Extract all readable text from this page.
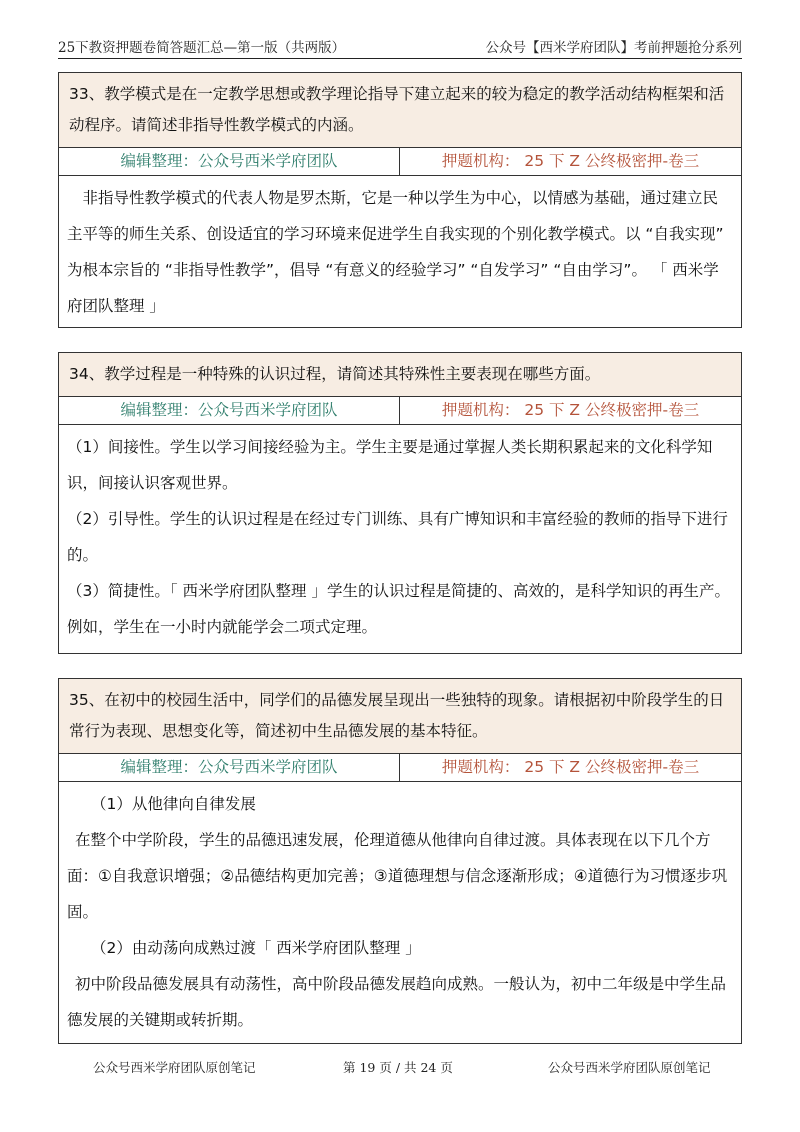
25下教资押题卷简答题汇总—第一版（共两版）	公众号【西米学府团队】考前押题抢分系列
33、教学模式是在一定教学思想或教学理论指导下建立起来的较为稳定的教学活动结构框架和活动程序。请简述非指导性教学模式的内涵。
编辑整理：公众号西米学府团队	押题机构： 25 下 Z 公终极密押-卷三

　非指导性教学模式的代表人物是罗杰斯，它是一种以学生为中心，以情感为基础，通过建立民主平等的师生关系、创设适宜的学习环境来促进学生自我实现的个别化教学模式。以 “自我实现” 为根本宗旨的 “非指导性教学”，倡导 “有意义的经验学习” “自发学习” “自由学习”。 「 西米学府团队整理 」

34、教学过程是一种特殊的认识过程，请简述其特殊性主要表现在哪些方面。
编辑整理：公众号西米学府团队	押题机构： 25 下 Z 公终极密押-卷三

（1）间接性。学生以学习间接经验为主。学生主要是通过掌握人类长期积累起来的文化科学知识，间接认识客观世界。

（2）引导性。学生的认识过程是在经过专门训练、具有广博知识和丰富经验的教师的指导下进行的。

（3）简捷性。「 西米学府团队整理 」学生的认识过程是简捷的、高效的，是科学知识的再生产。例如，学生在一小时内就能学会二项式定理。

35、在初中的校园生活中，同学们的品德发展呈现出一些独特的现象。请根据初中阶段学生的日常行为表现、思想变化等，简述初中生品德发展的基本特征。
编辑整理：公众号西米学府团队	押题机构： 25 下 Z 公终极密押-卷三

（1）从他律向自律发展

在整个中学阶段，学生的品德迅速发展，伦理道德从他律向自律过渡。具体表现在以下几个方面：①自我意识增强；②品德结构更加完善；③道德理想与信念逐渐形成；④道德行为习惯逐步巩固。

（2）由动荡向成熟过渡「 西米学府团队整理 」

初中阶段品德发展具有动荡性，高中阶段品德发展趋向成熟。一般认为，初中二年级是中学生品德发展的关键期或转折期。

公众号西米学府团队原创笔记	第 19 页 / 共 24 页	公众号西米学府团队原创笔记
